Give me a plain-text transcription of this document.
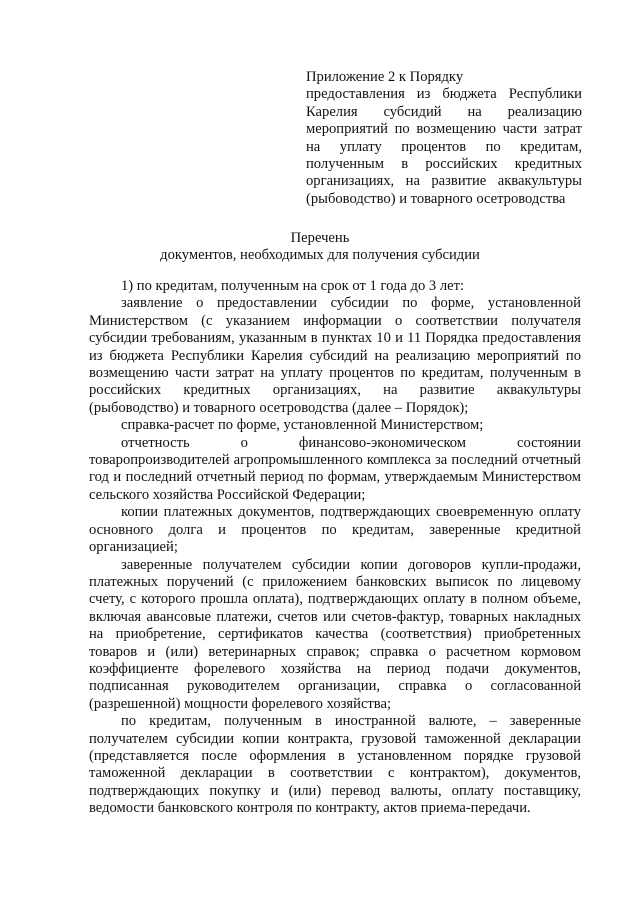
Приложение 2 к Порядку
предоставления из бюджета Республики Карелия субсидий на реализацию мероприятий по возмещению части затрат на уплату процентов по кредитам, полученным в российских кредитных организациях, на развитие аквакультуры (рыбоводство) и товарного осетроводства
Перечень
документов, необходимых для получения субсидии

1) по кредитам, полученным на срок от 1 года до 3 лет:

заявление о предоставлении субсидии по форме, установленной Министерством (с указанием информации о соответствии получателя субсидии требованиям, указанным в пунктах 10 и 11 Порядка предоставления из бюджета Республики Карелия субсидий на реализацию мероприятий по возмещению части затрат на уплату процентов по кредитам, полученным в российских кредитных организациях, на развитие аквакультуры (рыбоводство) и товарного осетроводства (далее – Порядок);

справка-расчет по форме, установленной Министерством;

отчетность о финансово-экономическом состоянии товаропроизводителей агропромышленного комплекса за последний отчетный год и последний отчетный период по формам, утверждаемым Министерством сельского хозяйства Российской Федерации;

копии платежных документов, подтверждающих своевременную оплату основного долга и процентов по кредитам, заверенные кредитной организацией;

заверенные получателем субсидии копии договоров купли-продажи, платежных поручений (с приложением банковских выписок по лицевому счету, с которого прошла оплата), подтверждающих оплату в полном объеме, включая авансовые платежи, счетов или счетов-фактур, товарных накладных на приобретение, сертификатов качества (соответствия) приобретенных товаров и (или) ветеринарных справок; справка о расчетном кормовом коэффициенте форелевого хозяйства на период подачи документов, подписанная руководителем организации, справка о согласованной (разрешенной) мощности форелевого хозяйства;

по кредитам, полученным в иностранной валюте, – заверенные получателем субсидии копии контракта, грузовой таможенной декларации (представляется после оформления в установленном порядке грузовой таможенной декларации в соответствии с контрактом), документов, подтверждающих покупку и (или) перевод валюты, оплату поставщику, ведомости банковского контроля по контракту, актов приема-передачи.
